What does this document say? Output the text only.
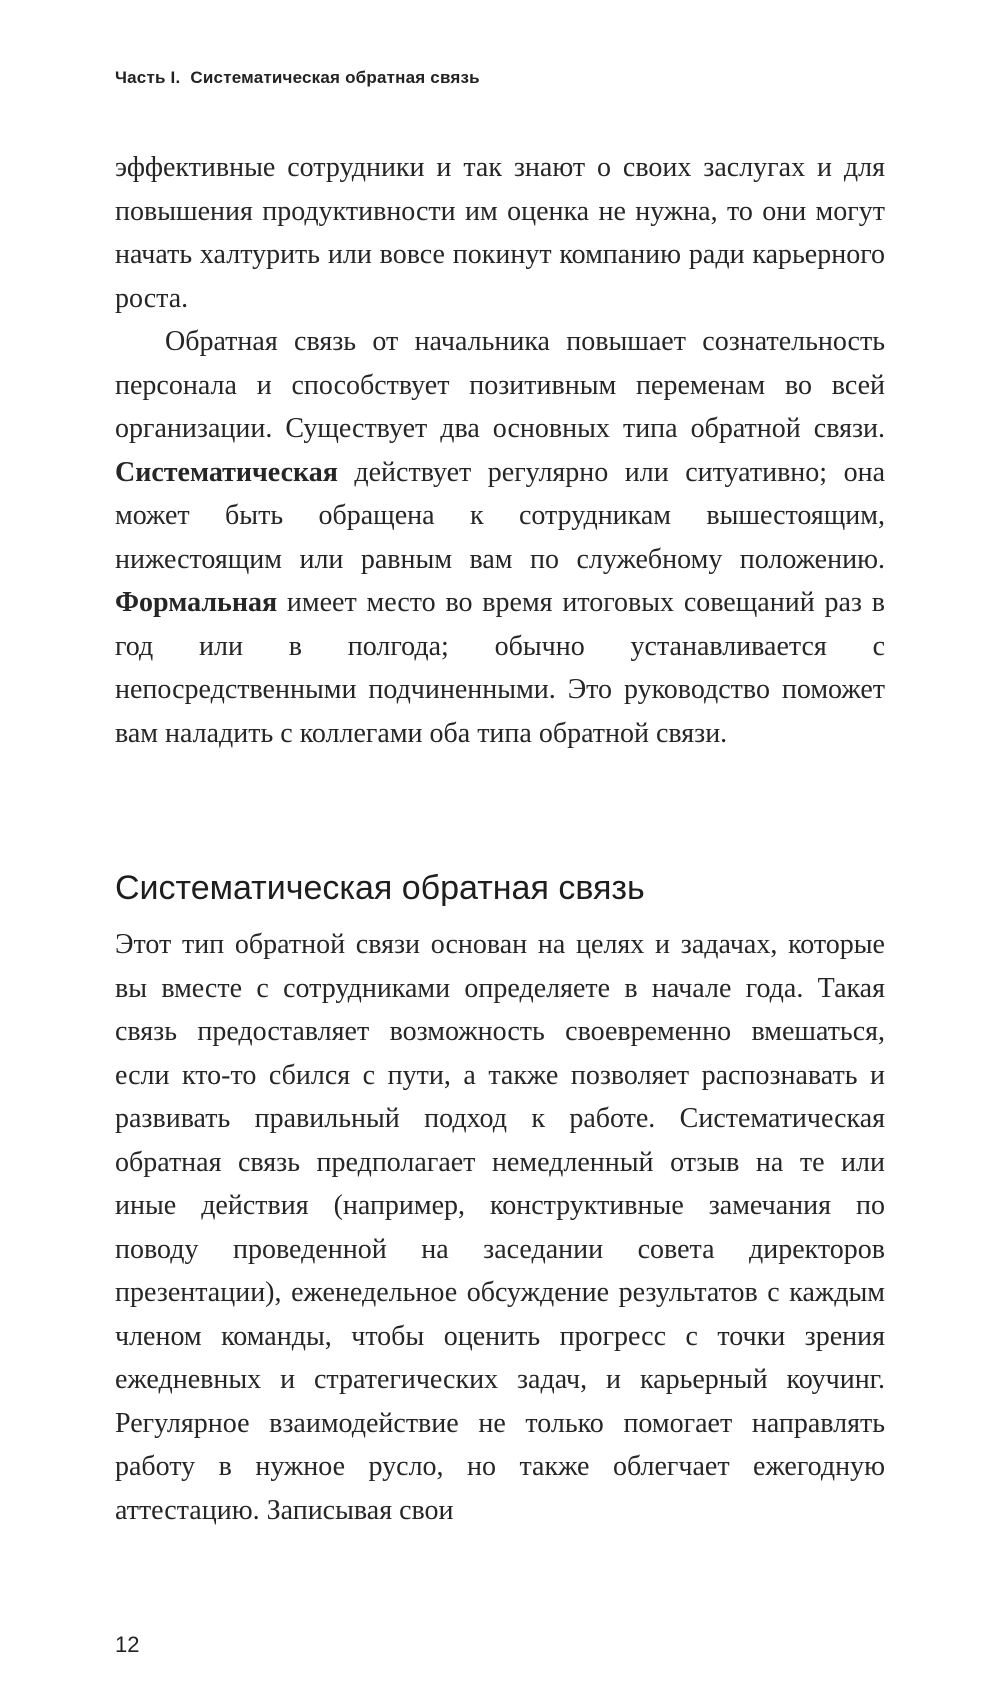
Часть I. Систематическая обратная связь

эффективные сотрудники и так знают о своих заслугах и для повышения продуктивности им оценка не нужна, то они могут начать халтурить или вовсе покинут компанию ради карьерного роста.

Обратная связь от начальника повышает сознательность персонала и способствует позитивным переменам во всей организации. Существует два основных типа обратной связи. Систематическая действует регулярно или ситуативно; она может быть обращена к сотрудникам вышестоящим, нижестоящим или равным вам по служебному положению. Формальная имеет место во время итоговых совещаний раз в год или в полгода; обычно устанавливается с непосредственными подчиненными. Это руководство поможет вам наладить с коллегами оба типа обратной связи.

Систематическая обратная связь

Этот тип обратной связи основан на целях и задачах, которые вы вместе с сотрудниками определяете в начале года. Такая связь предоставляет возможность своевременно вмешаться, если кто-то сбился с пути, а также позволяет распознавать и развивать правильный подход к работе. Систематическая обратная связь предполагает немедленный отзыв на те или иные действия (например, конструктивные замечания по поводу проведенной на заседании совета директоров презентации), еженедельное обсуждение результатов с каждым членом команды, чтобы оценить прогресс с точки зрения ежедневных и стратегических задач, и карьерный коучинг. Регулярное взаимодействие не только помогает направлять работу в нужное русло, но также облегчает ежегодную аттестацию. Записывая свои

12
